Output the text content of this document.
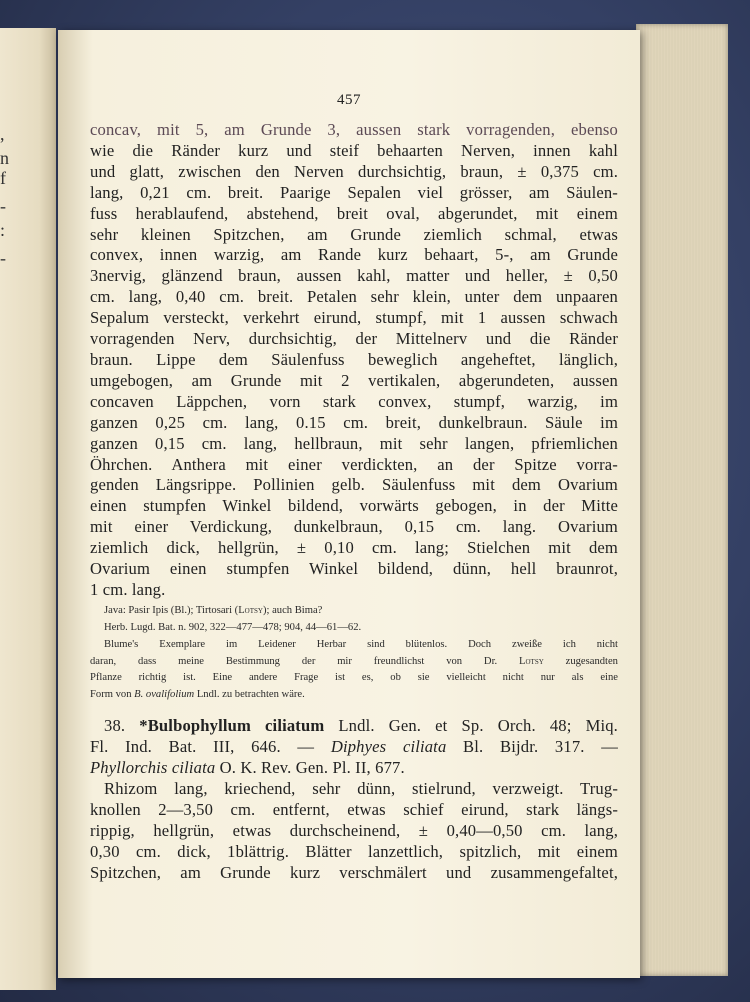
,
n
f
-
:
-
457
concav, mit 5, am Grunde 3, aussen stark vorragenden, ebenso
wie die Ränder kurz und steif behaarten Nerven, innen kahl
und glatt, zwischen den Nerven durchsichtig, braun, ± 0,375 cm.
lang, 0,21 cm. breit. Paarige Sepalen viel grösser, am Säulen-
fuss herablaufend, abstehend, breit oval, abgerundet, mit einem
sehr kleinen Spitzchen, am Grunde ziemlich schmal, etwas
convex, innen warzig, am Rande kurz behaart, 5-, am Grunde
3nervig, glänzend braun, aussen kahl, matter und heller, ± 0,50
cm. lang, 0,40 cm. breit. Petalen sehr klein, unter dem unpaaren
Sepalum versteckt, verkehrt eirund, stumpf, mit 1 aussen schwach
vorragenden Nerv, durchsichtig, der Mittelnerv und die Ränder
braun. Lippe dem Säulenfuss beweglich angeheftet, länglich,
umgebogen, am Grunde mit 2 vertikalen, abgerundeten, aussen
concaven Läppchen, vorn stark convex, stumpf, warzig, im
ganzen 0,25 cm. lang, 0.15 cm. breit, dunkelbraun. Säule im
ganzen 0,15 cm. lang, hellbraun, mit sehr langen, pfriemlichen
Öhrchen. Anthera mit einer verdickten, an der Spitze vorra-
genden Längsrippe. Pollinien gelb. Säulenfuss mit dem Ovarium
einen stumpfen Winkel bildend, vorwärts gebogen, in der Mitte
mit einer Verdickung, dunkelbraun, 0,15 cm. lang. Ovarium
ziemlich dick, hellgrün, ± 0,10 cm. lang; Stielchen mit dem
Ovarium einen stumpfen Winkel bildend, dünn, hell braunrot,
1 cm. lang.
Java: Pasir Ipis (Bl.); Tirtosari (Lotsy); auch Bima?
Herb. Lugd. Bat. n. 902, 322—477—478; 904, 44—61—62.
Blume's Exemplare im Leidener Herbar sind blütenlos. Doch zweiße ich nicht
daran, dass meine Bestimmung der mir freundlichst von Dr. Lotsy zugesandten
Pflanze richtig ist. Eine andere Frage ist es, ob sie vielleicht nicht nur als eine
Form von B. ovalifolium Lndl. zu betrachten wäre.
38. *Bulbophyllum ciliatum Lndl. Gen. et Sp. Orch. 48; Miq.
Fl. Ind. Bat. III, 646. — Diphyes ciliata Bl. Bijdr. 317. —
Phyllorchis ciliata O. K. Rev. Gen. Pl. II, 677.
Rhizom lang, kriechend, sehr dünn, stielrund, verzweigt. Trug-
knollen 2—3,50 cm. entfernt, etwas schief eirund, stark längs-
rippig, hellgrün, etwas durchscheinend, ± 0,40—0,50 cm. lang,
0,30 cm. dick, 1blättrig. Blätter lanzettlich, spitzlich, mit einem
Spitzchen, am Grunde kurz verschmälert und zusammengefaltet,
